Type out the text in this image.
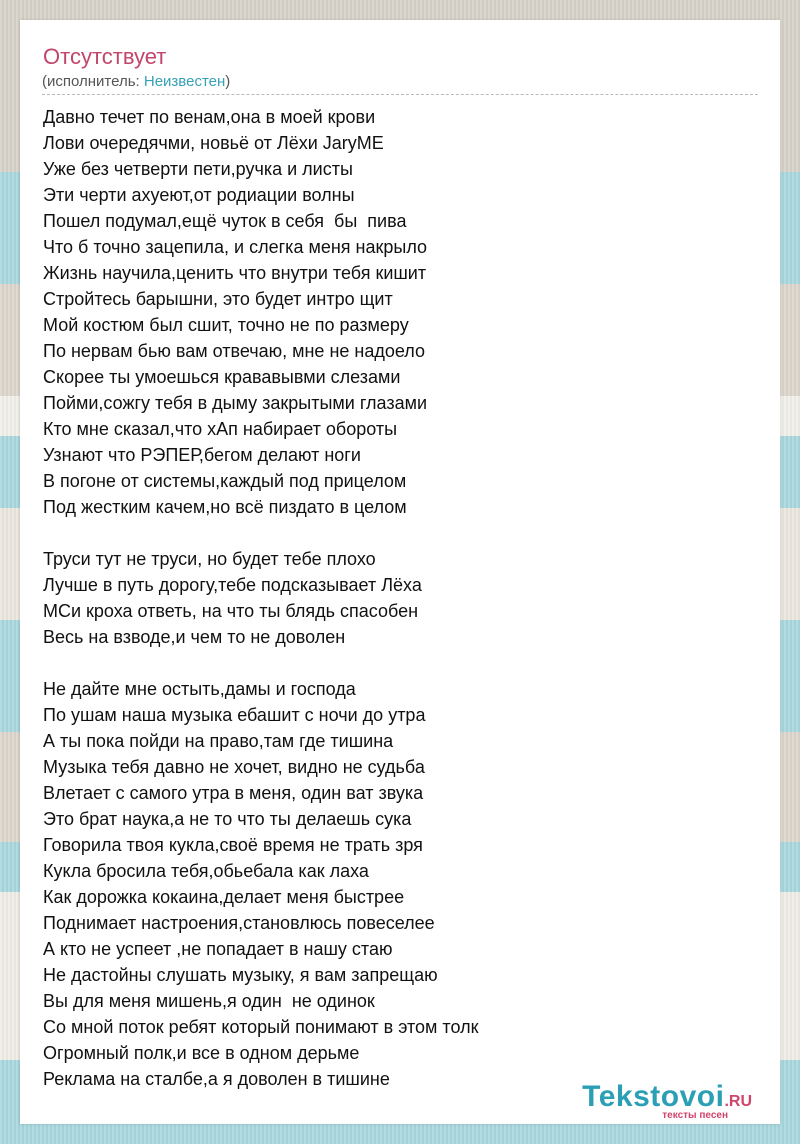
Отсутствует
(исполнитель: Неизвестен)
Давно течет по венам,она в моей крови
Лови очередячми, новьё от Лёхи JaryME
Уже без четверти пети,ручка и листы
Эти черти ахуеют,от родиации волны
Пошел подумал,ещё чуток в себя  бы  пива
Что б точно зацепила, и слегка меня накрыло
Жизнь научила,ценить что внутри тебя кишит
Стройтесь барышни, это будет интро щит
Мой костюм был сшит, точно не по размеру
По нервам бью вам отвечаю, мне не надоело
Скорее ты умоешься крававывми слезами
Пойми,сожгу тебя в дыму закрытыми глазами
Кто мне сказал,что хАп набирает обороты
Узнают что РЭПЕР,бегом делают ноги
В погоне от системы,каждый под прицелом
Под жестким качем,но всё пиздато в целом
Труси тут не труси, но будет тебе плохо
Лучше в путь дорогу,тебе подсказывает Лёха
МСи кроха ответь, на что ты блядь спасобен
Весь на взводе,и чем то не доволен
Не дайте мне остыть,дамы и господа
По ушам наша музыка ебашит с ночи до утра
А ты пока пойди на право,там где тишина
Музыка тебя давно не хочет, видно не судьба
Влетает с самого утра в меня, один ват звука
Это брат наука,а не то что ты делаешь сука
Говорила твоя кукла,своё время не трать зря
Кукла бросила тебя,обьебала как лаха
Как дорожка кокаина,делает меня быстрее
Поднимает настроения,становлюсь повеселее
А кто не успеет ,не попадает в нашу стаю
Не дастойны слушать музыку, я вам запрещаю
Вы для меня мишень,я один  не одинок
Со мной поток ребят который понимают в этом толк
Огромный полк,и все в одном дерьме
Реклама на сталбе,а я доволен в тишине
Tekstovoi.RU
тексты песен
